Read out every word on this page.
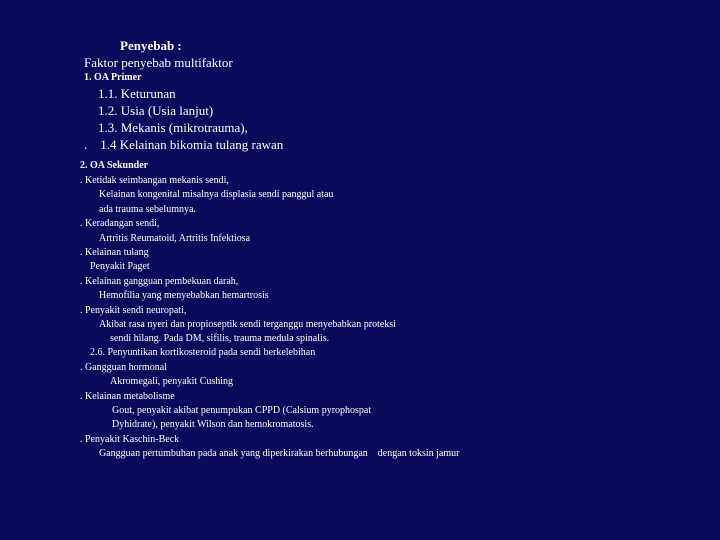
Penyebab :
Faktor penyebab multifaktor
1. OA Primer
1.1. Keturunan
1.2. Usia (Usia lanjut)
1.3. Mekanis (mikrotrauma),
.    1.4 Kelainan bikomia tulang rawan
2. OA Sekunder
. Ketidak seimbangan mekanis sendi,
Kelainan kongenital misalnya displasia sendi panggul atau
ada trauma sebelumnya.
. Keradangan sendi,
Artritis Reumatoid, Artritis Infektiosa
. Kelainan tulang
Penyakit Paget
. Kelainan gangguan pembekuan darah,
Hemofilia yang menyebabkan hemartrosis
. Penyakit sendi neuropati,
Akibat rasa nyeri dan propioseptik sendi terganggu menyebabkan proteksi
sendi hilang. Pada DM, sifilis, trauma medula spinalis.
2.6. Penyuntikan kortikosteroid pada sendi berkelebihan
. Gangguan hormonal
Akromegali, penyakit Cushing
. Kelainan metabolisme
Gout, penyakit akibat penumpukan CPPD (Calsium pyrophospat
Dyhidrate), penyakit Wilson dan hemokromatosis.
. Penyakit Kaschin-Beck
Gangguan pertumbuhan pada anak yang diperkirakan berhubungan    dengan toksin jamur
